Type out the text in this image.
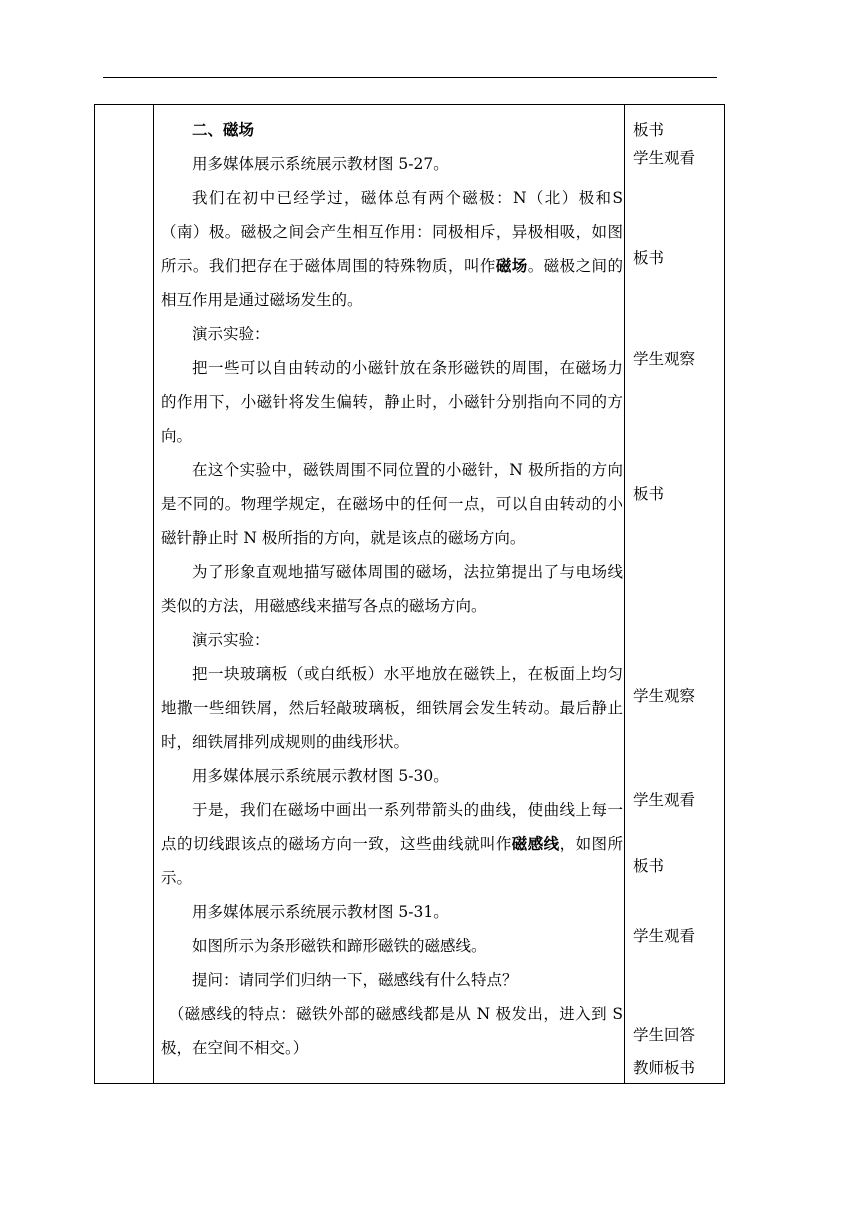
二、磁场

用多媒体展示系统展示教材图 5-27。

我们在初中已经学过，磁体总有两个磁极：N（北）极和S（南）极。磁极之间会产生相互作用：同极相斥，异极相吸，如图所示。我们把存在于磁体周围的特殊物质，叫作磁场。磁极之间的相互作用是通过磁场发生的。

演示实验：

把一些可以自由转动的小磁针放在条形磁铁的周围，在磁场力的作用下，小磁针将发生偏转，静止时，小磁针分别指向不同的方向。

在这个实验中，磁铁周围不同位置的小磁针，N 极所指的方向是不同的。物理学规定，在磁场中的任何一点，可以自由转动的小磁针静止时 N 极所指的方向，就是该点的磁场方向。

为了形象直观地描写磁体周围的磁场，法拉第提出了与电场线类似的方法，用磁感线来描写各点的磁场方向。

演示实验：

把一块玻璃板（或白纸板）水平地放在磁铁上，在板面上均匀地撒一些细铁屑，然后轻敲玻璃板，细铁屑会发生转动。最后静止时，细铁屑排列成规则的曲线形状。

用多媒体展示系统展示教材图 5-30。

于是，我们在磁场中画出一系列带箭头的曲线，使曲线上每一点的切线跟该点的磁场方向一致，这些曲线就叫作磁感线，如图所示。

用多媒体展示系统展示教材图 5-31。

如图所示为条形磁铁和蹄形磁铁的磁感线。

提问：请同学们归纳一下，磁感线有什么特点？

（磁感线的特点：磁铁外部的磁感线都是从 N 极发出，进入到 S 极，在空间不相交。）

板书
学生观看
板书
学生观察
板书
学生观察
学生观看
板书
学生观看
学生回答
教师板书
